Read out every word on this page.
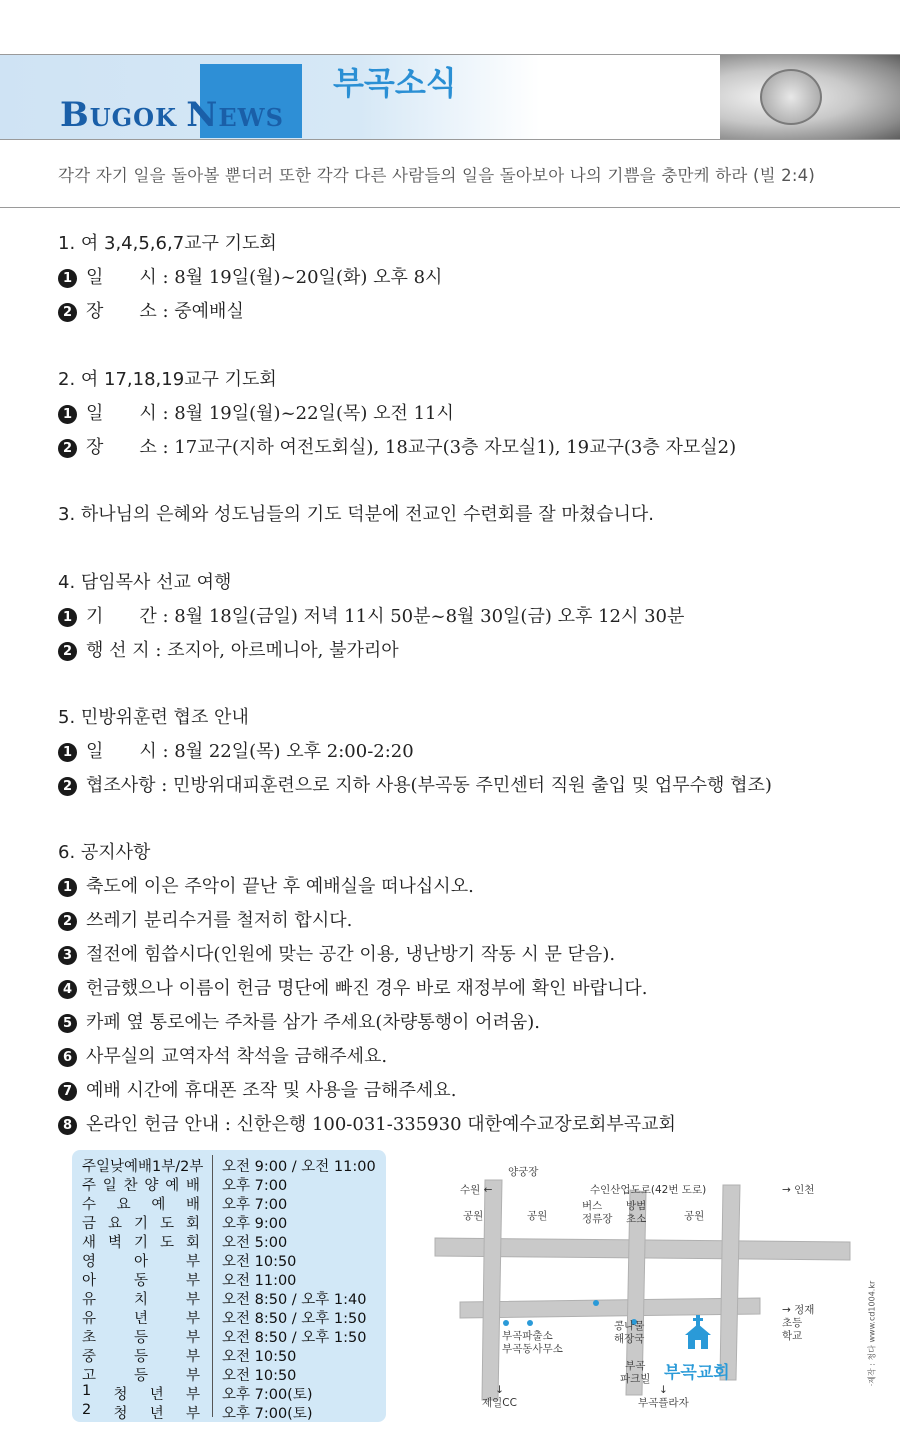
BUGOK NEWS
부곡소식
각각 자기 일을 돌아볼 뿐더러 또한 각각 다른 사람들의 일을 돌아보아 나의 기쁨을 충만케 하라 (빌 2:4)
1. 여 3,4,5,6,7교구 기도회
1 일　　시 : 8월 19일(월)~20일(화) 오후 8시
2 장　　소 : 중예배실
2. 여 17,18,19교구 기도회
1 일　　시 : 8월 19일(월)~22일(목) 오전 11시
2 장　　소 : 17교구(지하 여전도회실), 18교구(3층 자모실1), 19교구(3층 자모실2)
3. 하나님의 은혜와 성도님들의 기도 덕분에 전교인 수련회를 잘 마쳤습니다.
4. 담임목사 선교 여행
1 기　　간 : 8월 18일(금일) 저녁 11시 50분~8월 30일(금) 오후 12시 30분
2 행 선 지 : 조지아, 아르메니아, 불가리아
5. 민방위훈련 협조 안내
1 일　　시 : 8월 22일(목) 오후 2:00-2:20
2 협조사항 : 민방위대피훈련으로 지하 사용(부곡동 주민센터 직원 출입 및 업무수행 협조)
6. 공지사항
1 축도에 이은 주악이 끝난 후 예배실을 떠나십시오.
2 쓰레기 분리수거를 철저히 합시다.
3 절전에 힘씁시다(인원에 맞는 공간 이용, 냉난방기 작동 시 문 닫음).
4 헌금했으나 이름이 헌금 명단에 빠진 경우 바로 재정부에 확인 바랍니다.
5 카페 옆 통로에는 주차를 삼가 주세요(차량통행이 어려움).
6 사무실의 교역자석 착석을 금해주세요.
7 예배 시간에 휴대폰 조작 및 사용을 금해주세요.
8 온라인 헌금 안내 : 신한은행 100-031-335930 대한예수교장로회부곡교회
주일낮예배1부/2부 오전 9:00 / 오전 11:00
주 일 찬 양 예 배 오후 7:00
수 요 예 배 오후 7:00
금 요 기 도 회 오후 9:00
새 벽 기 도 회 오전 5:00
영	아	부 오전 10:50
아	동	부 오전 11:00
유	치	부 오전 8:50 / 오후 1:40
유	년	부 오전 8:50 / 오후 1:50
초	등	부 오전 8:50 / 오후 1:50
중	등	부 오전 10:50
고	등	부 오전 10:50
1 청 년 부 오후 7:00(토)
2 청 년 부 오후 7:00(토)
양궁장
수원 ←	수인산업도로(42번 도로)	→ 인천
공원	공원	공원
버스
정류장
방범
초소
부곡파출소
부곡동사무소
콩나물
해장국
부곡
파크빌 부곡교회
→ 정재
초등
학교
↓
제일CC
↓
부곡플라자
·제작 : 청다 www.cd1004.kr
